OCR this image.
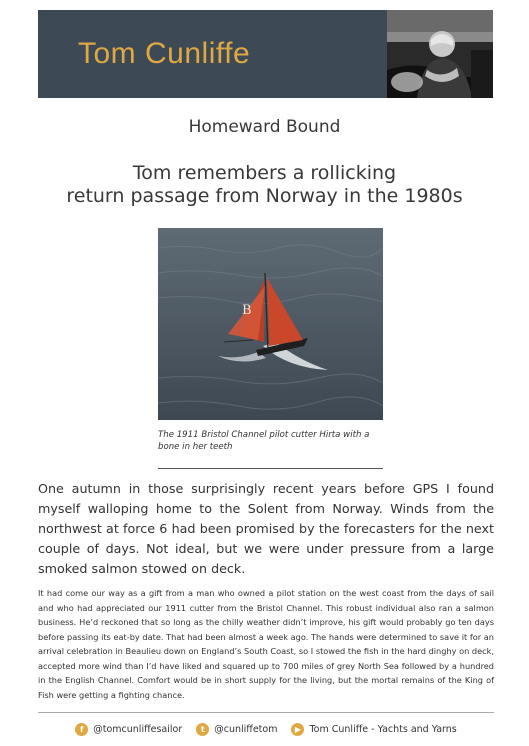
Tom Cunliffe
Homeward Bound
Tom remembers a rollicking
return passage from Norway in the 1980s
B
The 1911 Bristol Channel pilot cutter Hirta with a bone in her teeth
One autumn in those surprisingly recent years before GPS I found myself walloping home to the Solent from Norway. Winds from the northwest at force 6 had been promised by the forecasters for the next couple of days. Not ideal, but we were under pressure from a large smoked salmon stowed on deck.
It had come our way as a gift from a man who owned a pilot station on the west coast from the days of sail and who had appreciated our 1911 cutter from the Bristol Channel. This robust individual also ran a salmon business. He’d reckoned that so long as the chilly weather didn’t improve, his gift would probably go ten days before passing its eat-by date. That had been almost a week ago. The hands were determined to save it for an arrival celebration in Beaulieu down on England’s South Coast, so I stowed the fish in the hard dinghy on deck, accepted more wind than I’d have liked and squared up to 700 miles of grey North Sea followed by a hundred in the English Channel. Comfort would be in short supply for the living, but the mortal remains of the King of Fish were getting a fighting chance.
f	@tomcunliffesailor	t	@cunliffetom	▶ Tom Cunliffe - Yachts and Yarns
